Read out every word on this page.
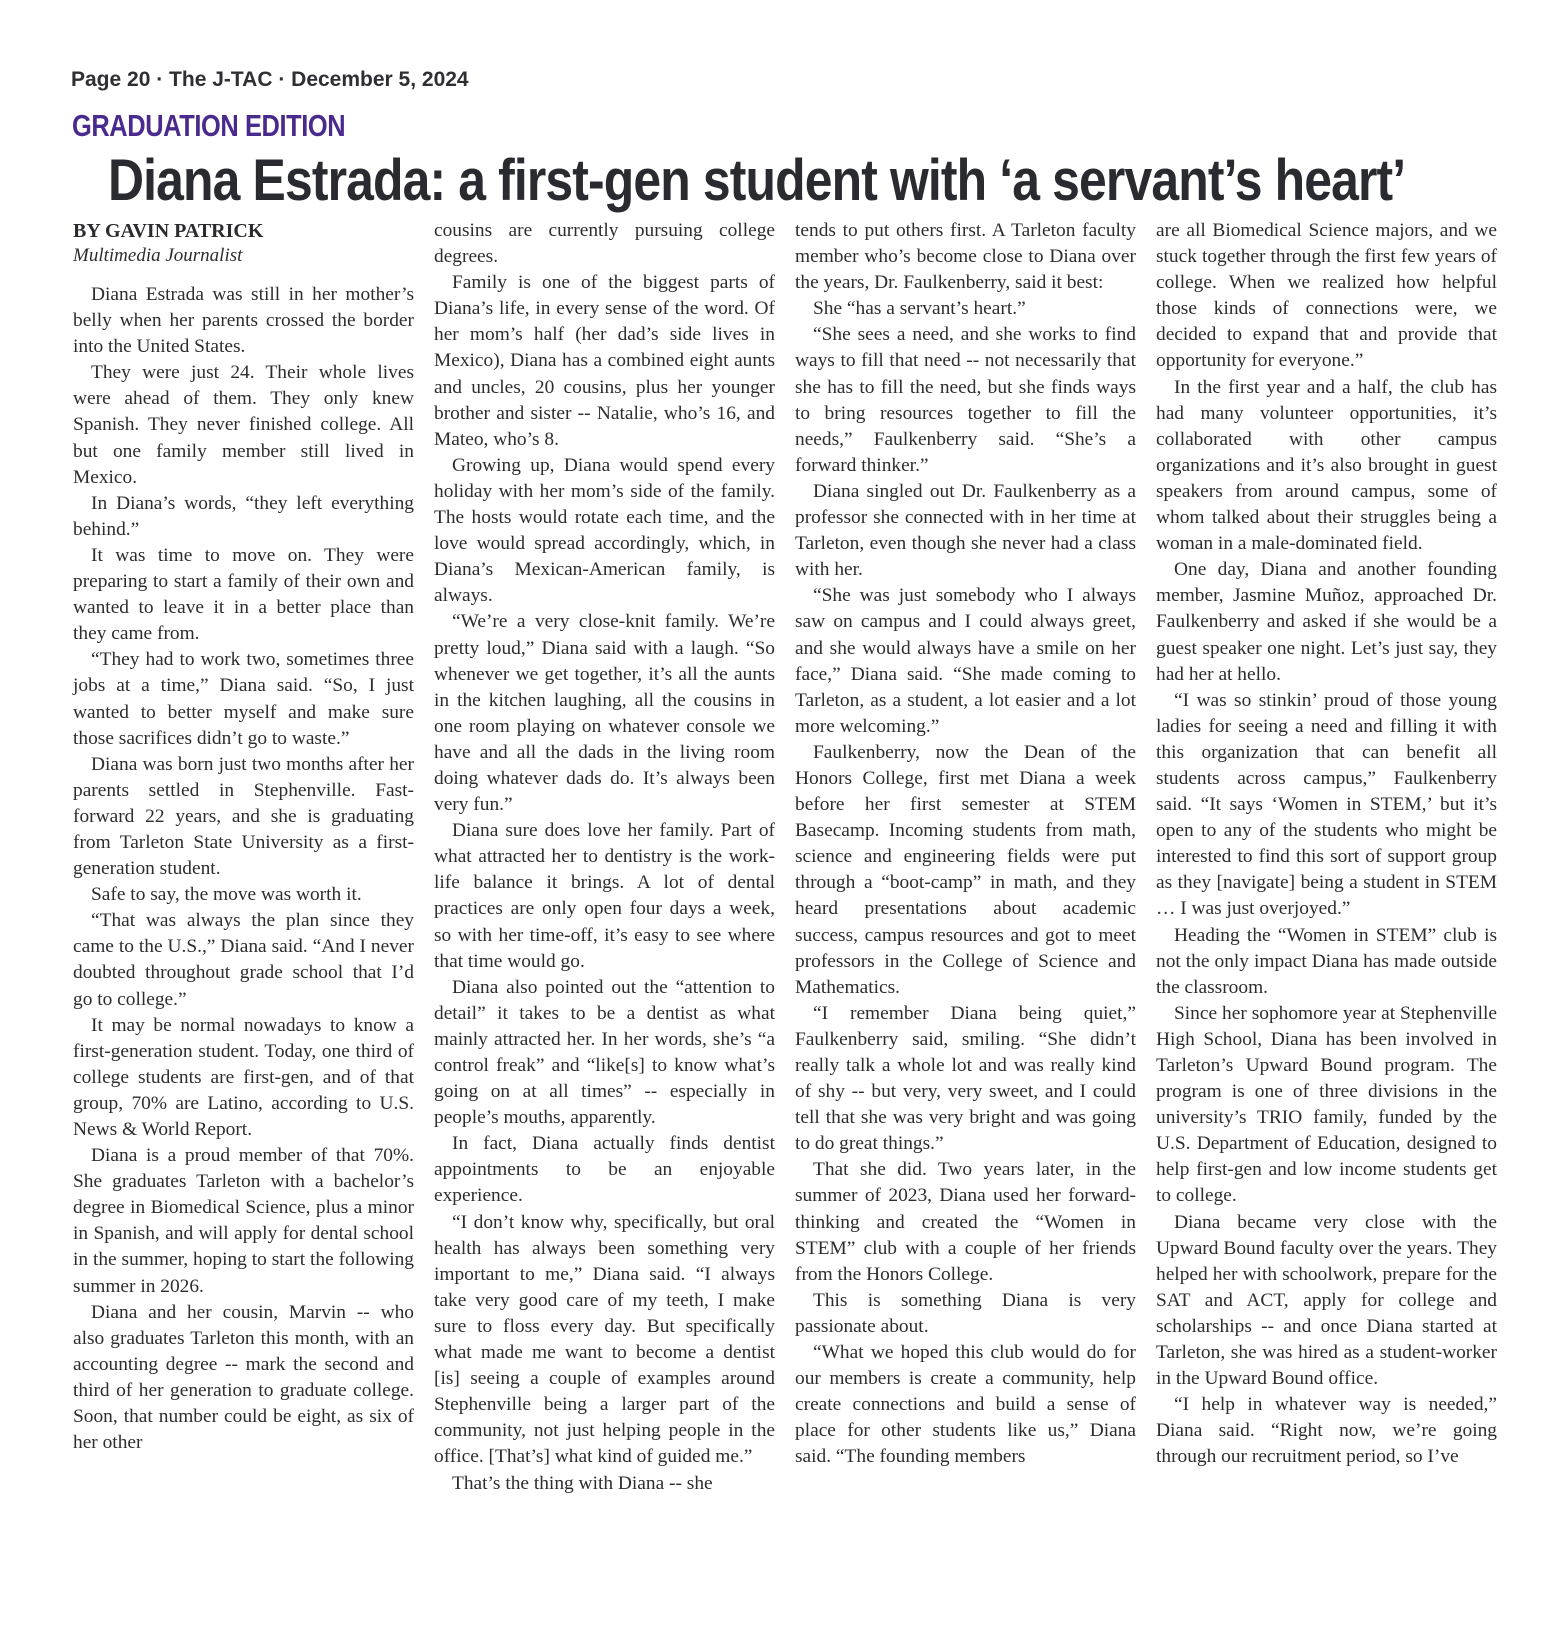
Page 20 · The J-TAC · December 5, 2024
GRADUATION EDITION
Diana Estrada: a first-gen student with ‘a servant’s heart’
BY GAVIN PATRICK
Multimedia Journalist

Diana Estrada was still in her mother’s belly when her parents crossed the border into the United States.

They were just 24. Their whole lives were ahead of them. They only knew Spanish. They never finished college. All but one family member still lived in Mexico.

In Diana’s words, “they left everything behind.”

It was time to move on. They were preparing to start a family of their own and wanted to leave it in a better place than they came from.

“They had to work two, sometimes three jobs at a time,” Diana said. “So, I just wanted to better myself and make sure those sacrifices didn’t go to waste.”

Diana was born just two months after her parents settled in Stephenville. Fast-forward 22 years, and she is graduating from Tarleton State University as a first-generation student.

Safe to say, the move was worth it.

“That was always the plan since they came to the U.S.,” Diana said. “And I never doubted throughout grade school that I’d go to college.”

It may be normal nowadays to know a first-generation student. Today, one third of college students are first-gen, and of that group, 70% are Latino, according to U.S. News & World Report.

Diana is a proud member of that 70%. She graduates Tarleton with a bachelor’s degree in Biomedical Science, plus a minor in Spanish, and will apply for dental school in the summer, hoping to start the following summer in 2026.

Diana and her cousin, Marvin -- who also graduates Tarleton this month, with an accounting degree -- mark the second and third of her generation to graduate college. Soon, that number could be eight, as six of her other

cousins are currently pursuing college degrees.

Family is one of the biggest parts of Diana’s life, in every sense of the word. Of her mom’s half (her dad’s side lives in Mexico), Diana has a combined eight aunts and uncles, 20 cousins, plus her younger brother and sister -- Natalie, who’s 16, and Mateo, who’s 8.

Growing up, Diana would spend every holiday with her mom’s side of the family. The hosts would rotate each time, and the love would spread accordingly, which, in Diana’s Mexican-American family, is always.

“We’re a very close-knit family. We’re pretty loud,” Diana said with a laugh. “So whenever we get together, it’s all the aunts in the kitchen laughing, all the cousins in one room playing on whatever console we have and all the dads in the living room doing whatever dads do. It’s always been very fun.”

Diana sure does love her family. Part of what attracted her to dentistry is the work-life balance it brings. A lot of dental practices are only open four days a week, so with her time-off, it’s easy to see where that time would go.

Diana also pointed out the “attention to detail” it takes to be a dentist as what mainly attracted her. In her words, she’s “a control freak” and “like[s] to know what’s going on at all times” -- especially in people’s mouths, apparently.

In fact, Diana actually finds dentist appointments to be an enjoyable experience.

“I don’t know why, specifically, but oral health has always been something very important to me,” Diana said. “I always take very good care of my teeth, I make sure to floss every day. But specifically what made me want to become a dentist [is] seeing a couple of examples around Stephenville being a larger part of the community, not just helping people in the office. [That’s] what kind of guided me.”

That’s the thing with Diana -- she

tends to put others first. A Tarleton faculty member who’s become close to Diana over the years, Dr. Faulkenberry, said it best:

She “has a servant’s heart.”

“She sees a need, and she works to find ways to fill that need -- not necessarily that she has to fill the need, but she finds ways to bring resources together to fill the needs,” Faulkenberry said. “She’s a forward thinker.”

Diana singled out Dr. Faulkenberry as a professor she connected with in her time at Tarleton, even though she never had a class with her.

“She was just somebody who I always saw on campus and I could always greet, and she would always have a smile on her face,” Diana said. “She made coming to Tarleton, as a student, a lot easier and a lot more welcoming.”

Faulkenberry, now the Dean of the Honors College, first met Diana a week before her first semester at STEM Basecamp. Incoming students from math, science and engineering fields were put through a “boot-camp” in math, and they heard presentations about academic success, campus resources and got to meet professors in the College of Science and Mathematics.

“I remember Diana being quiet,” Faulkenberry said, smiling. “She didn’t really talk a whole lot and was really kind of shy -- but very, very sweet, and I could tell that she was very bright and was going to do great things.”

That she did. Two years later, in the summer of 2023, Diana used her forward-thinking and created the “Women in STEM” club with a couple of her friends from the Honors College.

This is something Diana is very passionate about.

“What we hoped this club would do for our members is create a community, help create connections and build a sense of place for other students like us,” Diana said. “The founding members

are all Biomedical Science majors, and we stuck together through the first few years of college. When we realized how helpful those kinds of connections were, we decided to expand that and provide that opportunity for everyone.”

In the first year and a half, the club has had many volunteer opportunities, it’s collaborated with other campus organizations and it’s also brought in guest speakers from around campus, some of whom talked about their struggles being a woman in a male-dominated field.

One day, Diana and another founding member, Jasmine Muñoz, approached Dr. Faulkenberry and asked if she would be a guest speaker one night. Let’s just say, they had her at hello.

“I was so stinkin’ proud of those young ladies for seeing a need and filling it with this organization that can benefit all students across campus,” Faulkenberry said. “It says ‘Women in STEM,’ but it’s open to any of the students who might be interested to find this sort of support group as they [navigate] being a student in STEM … I was just overjoyed.”

Heading the “Women in STEM” club is not the only impact Diana has made outside the classroom.

Since her sophomore year at Stephenville High School, Diana has been involved in Tarleton’s Upward Bound program. The program is one of three divisions in the university’s TRIO family, funded by the U.S. Department of Education, designed to help first-gen and low income students get to college.

Diana became very close with the Upward Bound faculty over the years. They helped her with schoolwork, prepare for the SAT and ACT, apply for college and scholarships -- and once Diana started at Tarleton, she was hired as a student-worker in the Upward Bound office.

“I help in whatever way is needed,” Diana said. “Right now, we’re going through our recruitment period, so I’ve
